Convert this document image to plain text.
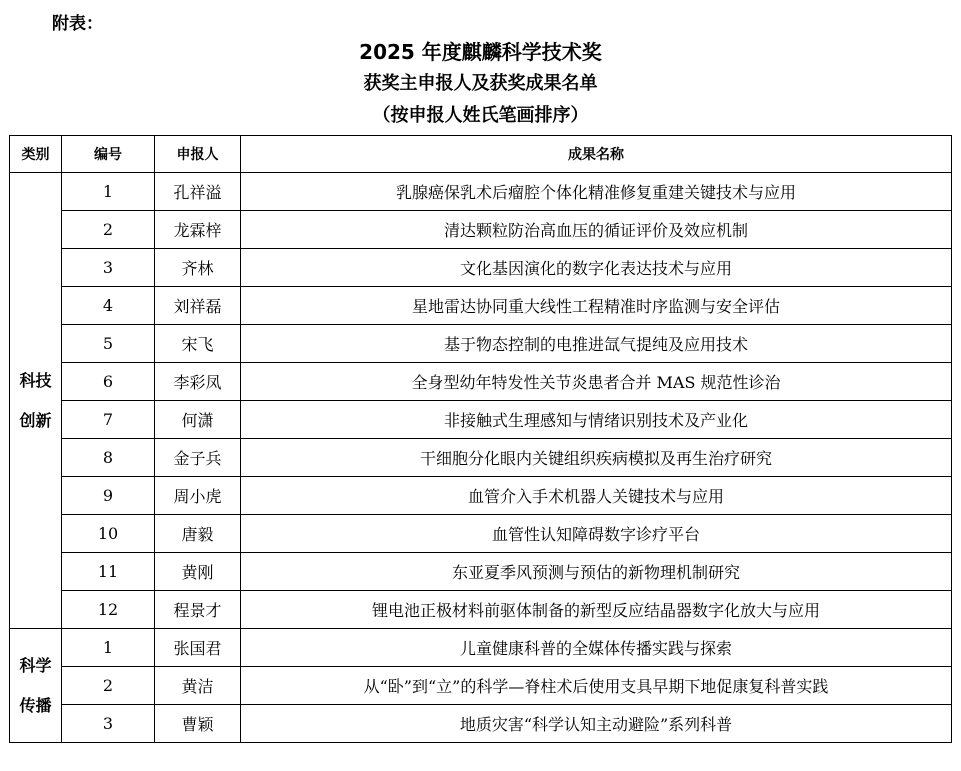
附表：
2025 年度麒麟科学技术奖
获奖主申报人及获奖成果名单
（按申报人姓氏笔画排序）
类别	编号	申报人	成果名称

科技
创新	1	孔祥溢	乳腺癌保乳术后瘤腔个体化精准修复重建关键技术与应用
	2	龙霖梓	清达颗粒防治高血压的循证评价及效应机制
	3	齐林	文化基因演化的数字化表达技术与应用
	4	刘祥磊	星地雷达协同重大线性工程精准时序监测与安全评估
	5	宋飞	基于物态控制的电推进氙气提纯及应用技术
	6	李彩凤	全身型幼年特发性关节炎患者合并 MAS 规范性诊治
	7	何潇	非接触式生理感知与情绪识别技术及产业化
	8	金子兵	干细胞分化眼内关键组织疾病模拟及再生治疗研究
	9	周小虎	血管介入手术机器人关键技术与应用
	10	唐毅	血管性认知障碍数字诊疗平台
	11	黄刚	东亚夏季风预测与预估的新物理机制研究
	12	程景才	锂电池正极材料前驱体制备的新型反应结晶器数字化放大与应用

科学
传播	1	张国君	儿童健康科普的全媒体传播实践与探索
	2	黄洁	从“卧”到“立”的科学—脊柱术后使用支具早期下地促康复科普实践
	3	曹颖	地质灾害“科学认知主动避险”系列科普
